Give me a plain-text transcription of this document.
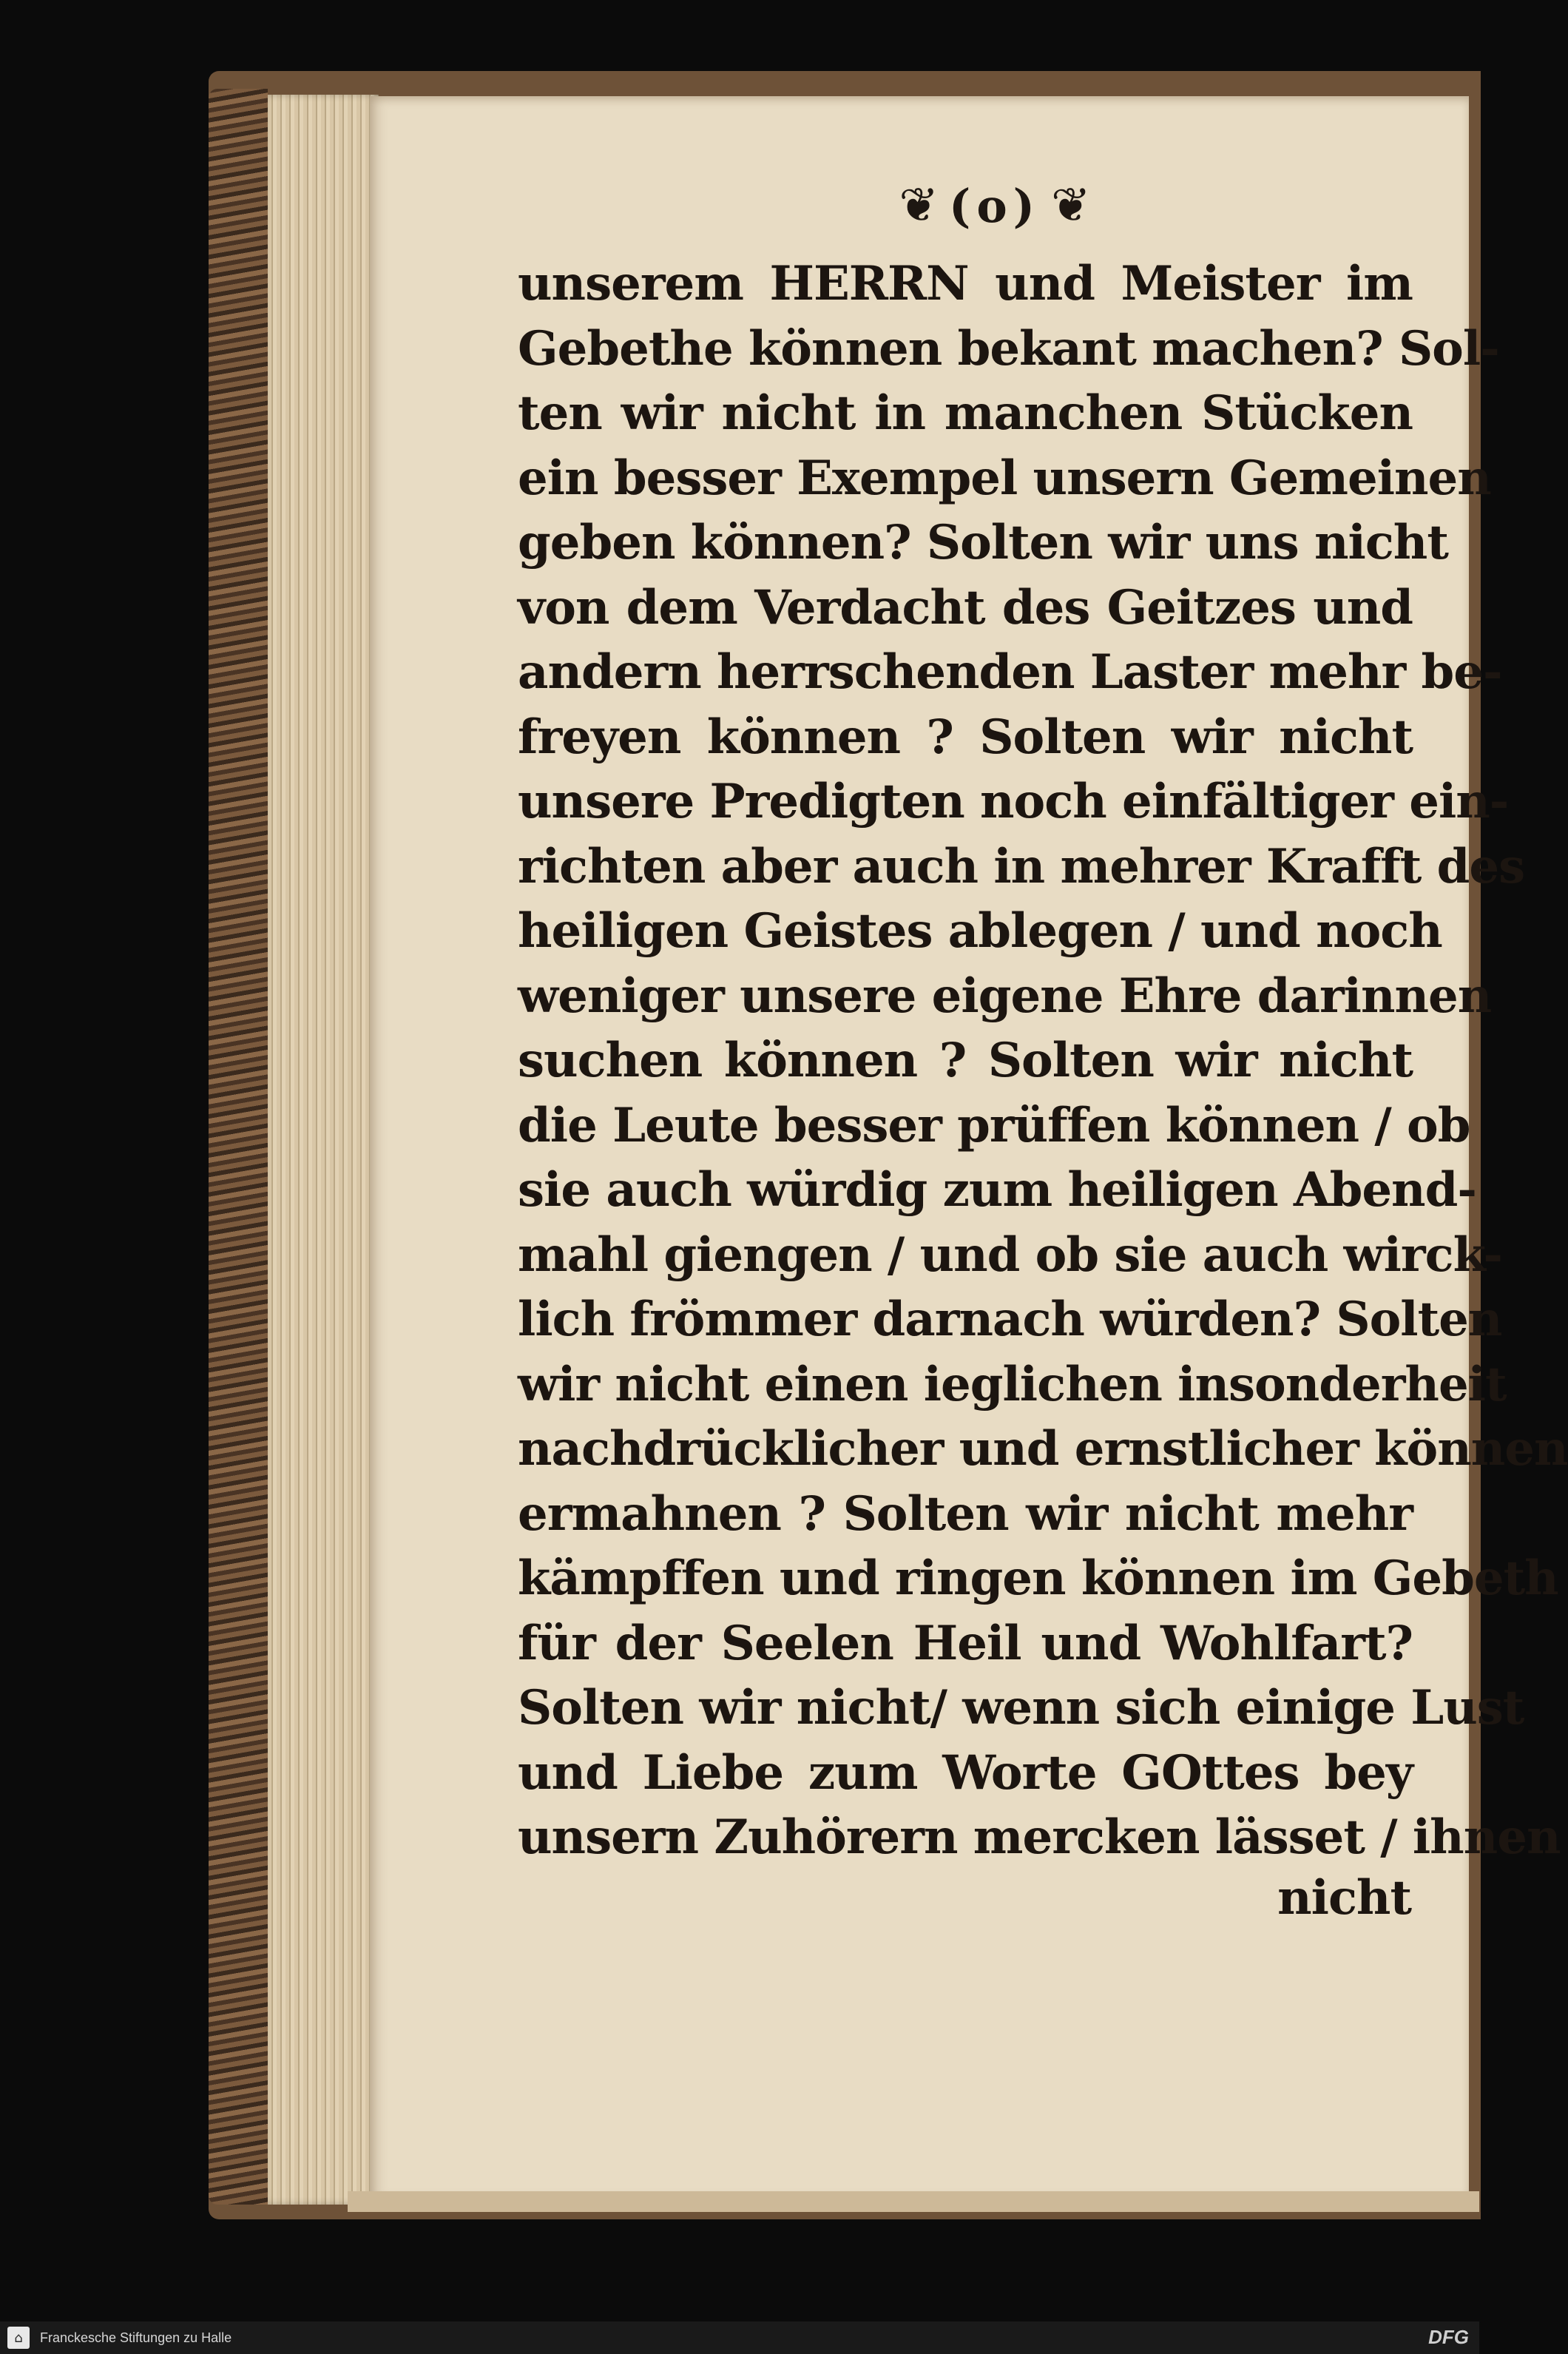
❦ (o) ❦
unserem HERRN und Meister im
Gebethe können bekant machen? Sol-
ten wir nicht in manchen Stücken
ein besser Exempel unsern Gemeinen
geben können? Solten wir uns nicht
von dem Verdacht des Geitzes und
andern herrschenden Laster mehr be-
freyen können ? Solten wir nicht
unsere Predigten noch einfältiger ein-
richten aber auch in mehrer Krafft des
heiligen Geistes ablegen / und noch
weniger unsere eigene Ehre darinnen
suchen können ? Solten wir nicht
die Leute besser prüffen können / ob
sie auch würdig zum heiligen Abend-
mahl giengen / und ob sie auch wirck-
lich frömmer darnach würden? Solten
wir nicht einen ieglichen insonderheit
nachdrücklicher und ernstlicher können
ermahnen ? Solten wir nicht mehr
kämpffen und ringen können im Gebeth
für der Seelen Heil und Wohlfart?
Solten wir nicht/ wenn sich einige Lust
und Liebe zum Worte GOttes bey
unsern Zuhörern mercken lässet / ihnen
nicht
⌂	Franckesche Stiftungen zu Halle	DFG
